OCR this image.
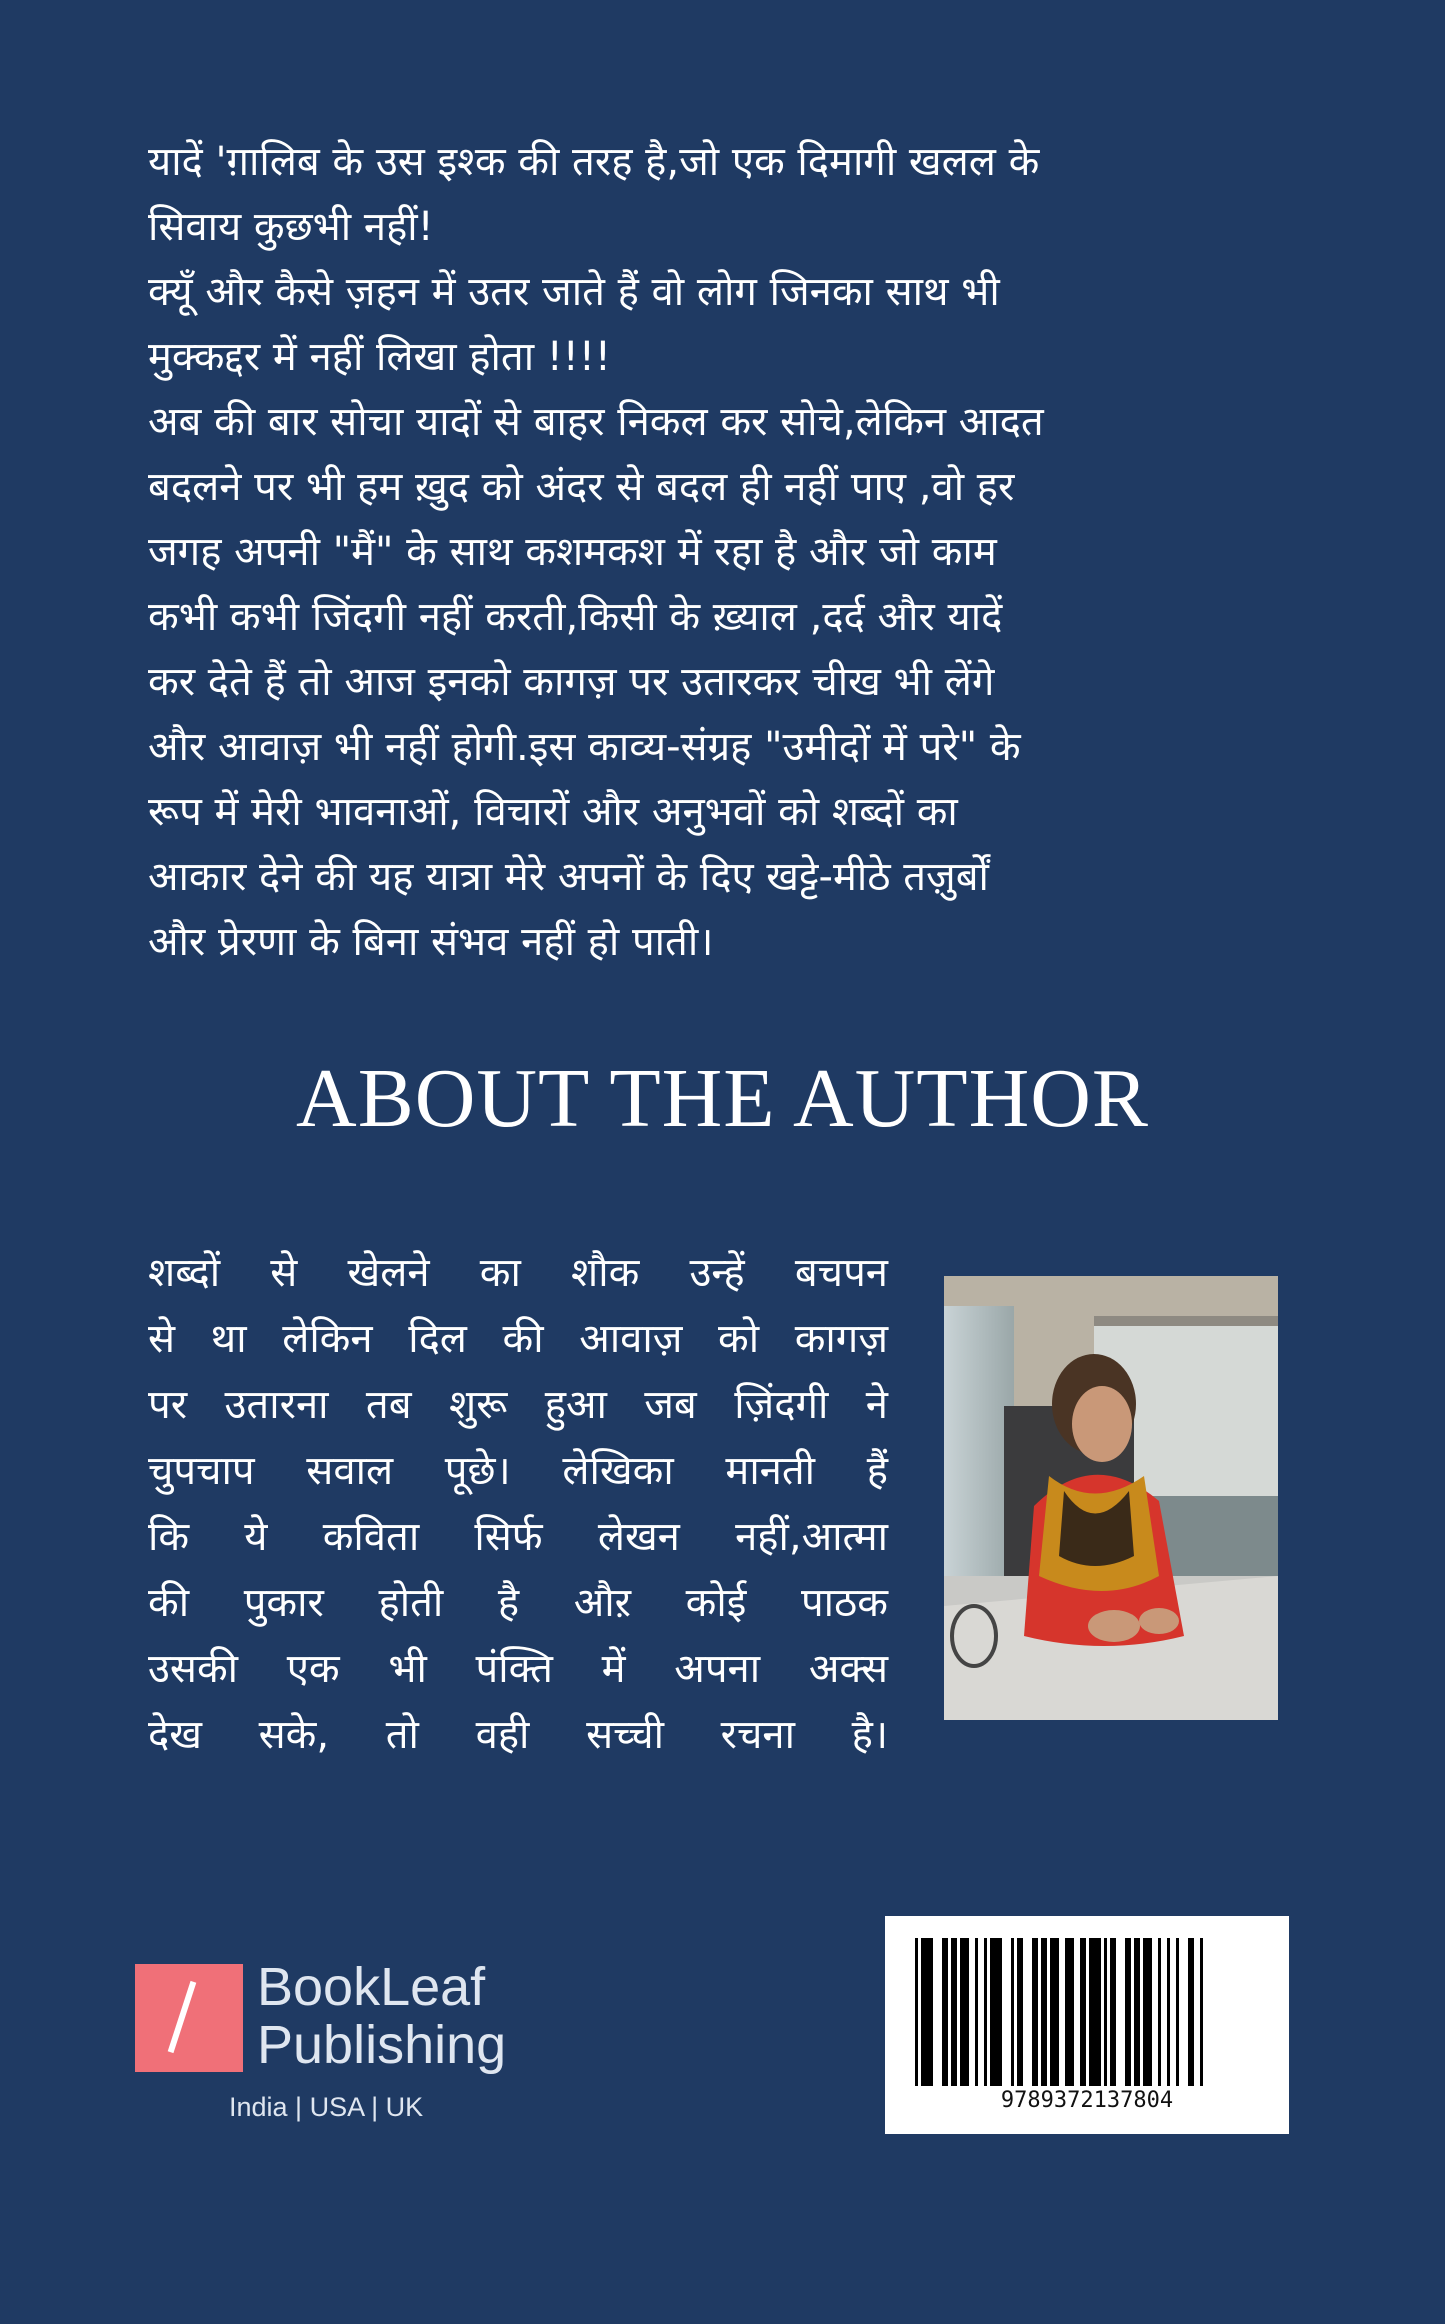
यादें 'ग़ालिब के उस इश्क की तरह है,जो एक दिमागी खलल के
सिवाय कुछभी नहीं!
क्यूँ और कैसे ज़हन में उतर जाते हैं वो लोग जिनका साथ भी
मुक्कद्दर में नहीं लिखा होता !!!!
अब की बार सोचा यादों से बाहर निकल कर सोचे,लेकिन आदत
बदलने पर भी हम ख़ुद को अंदर से बदल ही नहीं पाए ,वो हर
जगह अपनी "मैं" के साथ कशमकश में रहा है और जो काम
कभी कभी जिंदगी नहीं करती,किसी के ख़्याल ,दर्द और यादें
कर देते हैं तो आज इनको कागज़ पर उतारकर चीख भी लेंगे
और आवाज़ भी नहीं होगी.इस काव्य-संग्रह "उमीदों में परे" के
रूप में मेरी भावनाओं, विचारों और अनुभवों को शब्दों का
आकार देने की यह यात्रा मेरे अपनों के दिए खट्टे-मीठे तज़ुर्बों
और प्रेरणा के बिना संभव नहीं हो पाती।
ABOUT THE AUTHOR
शब्दों से खेलने का शौक उन्हें बचपन
से था लेकिन दिल की आवाज़ को कागज़
पर उतारना तब शुरू हुआ जब ज़िंदगी ने
चुपचाप सवाल पूछे। लेखिका मानती हैं
कि ये कविता सिर्फ लेखन नहीं,आत्मा
की पुकार होती है औऱ कोई पाठक
उसकी एक भी पंक्ति में अपना अक्स
देख सके, तो वही सच्ची रचना है।

BookLeaf
Publishing

India | USA | UK	9789372137804
